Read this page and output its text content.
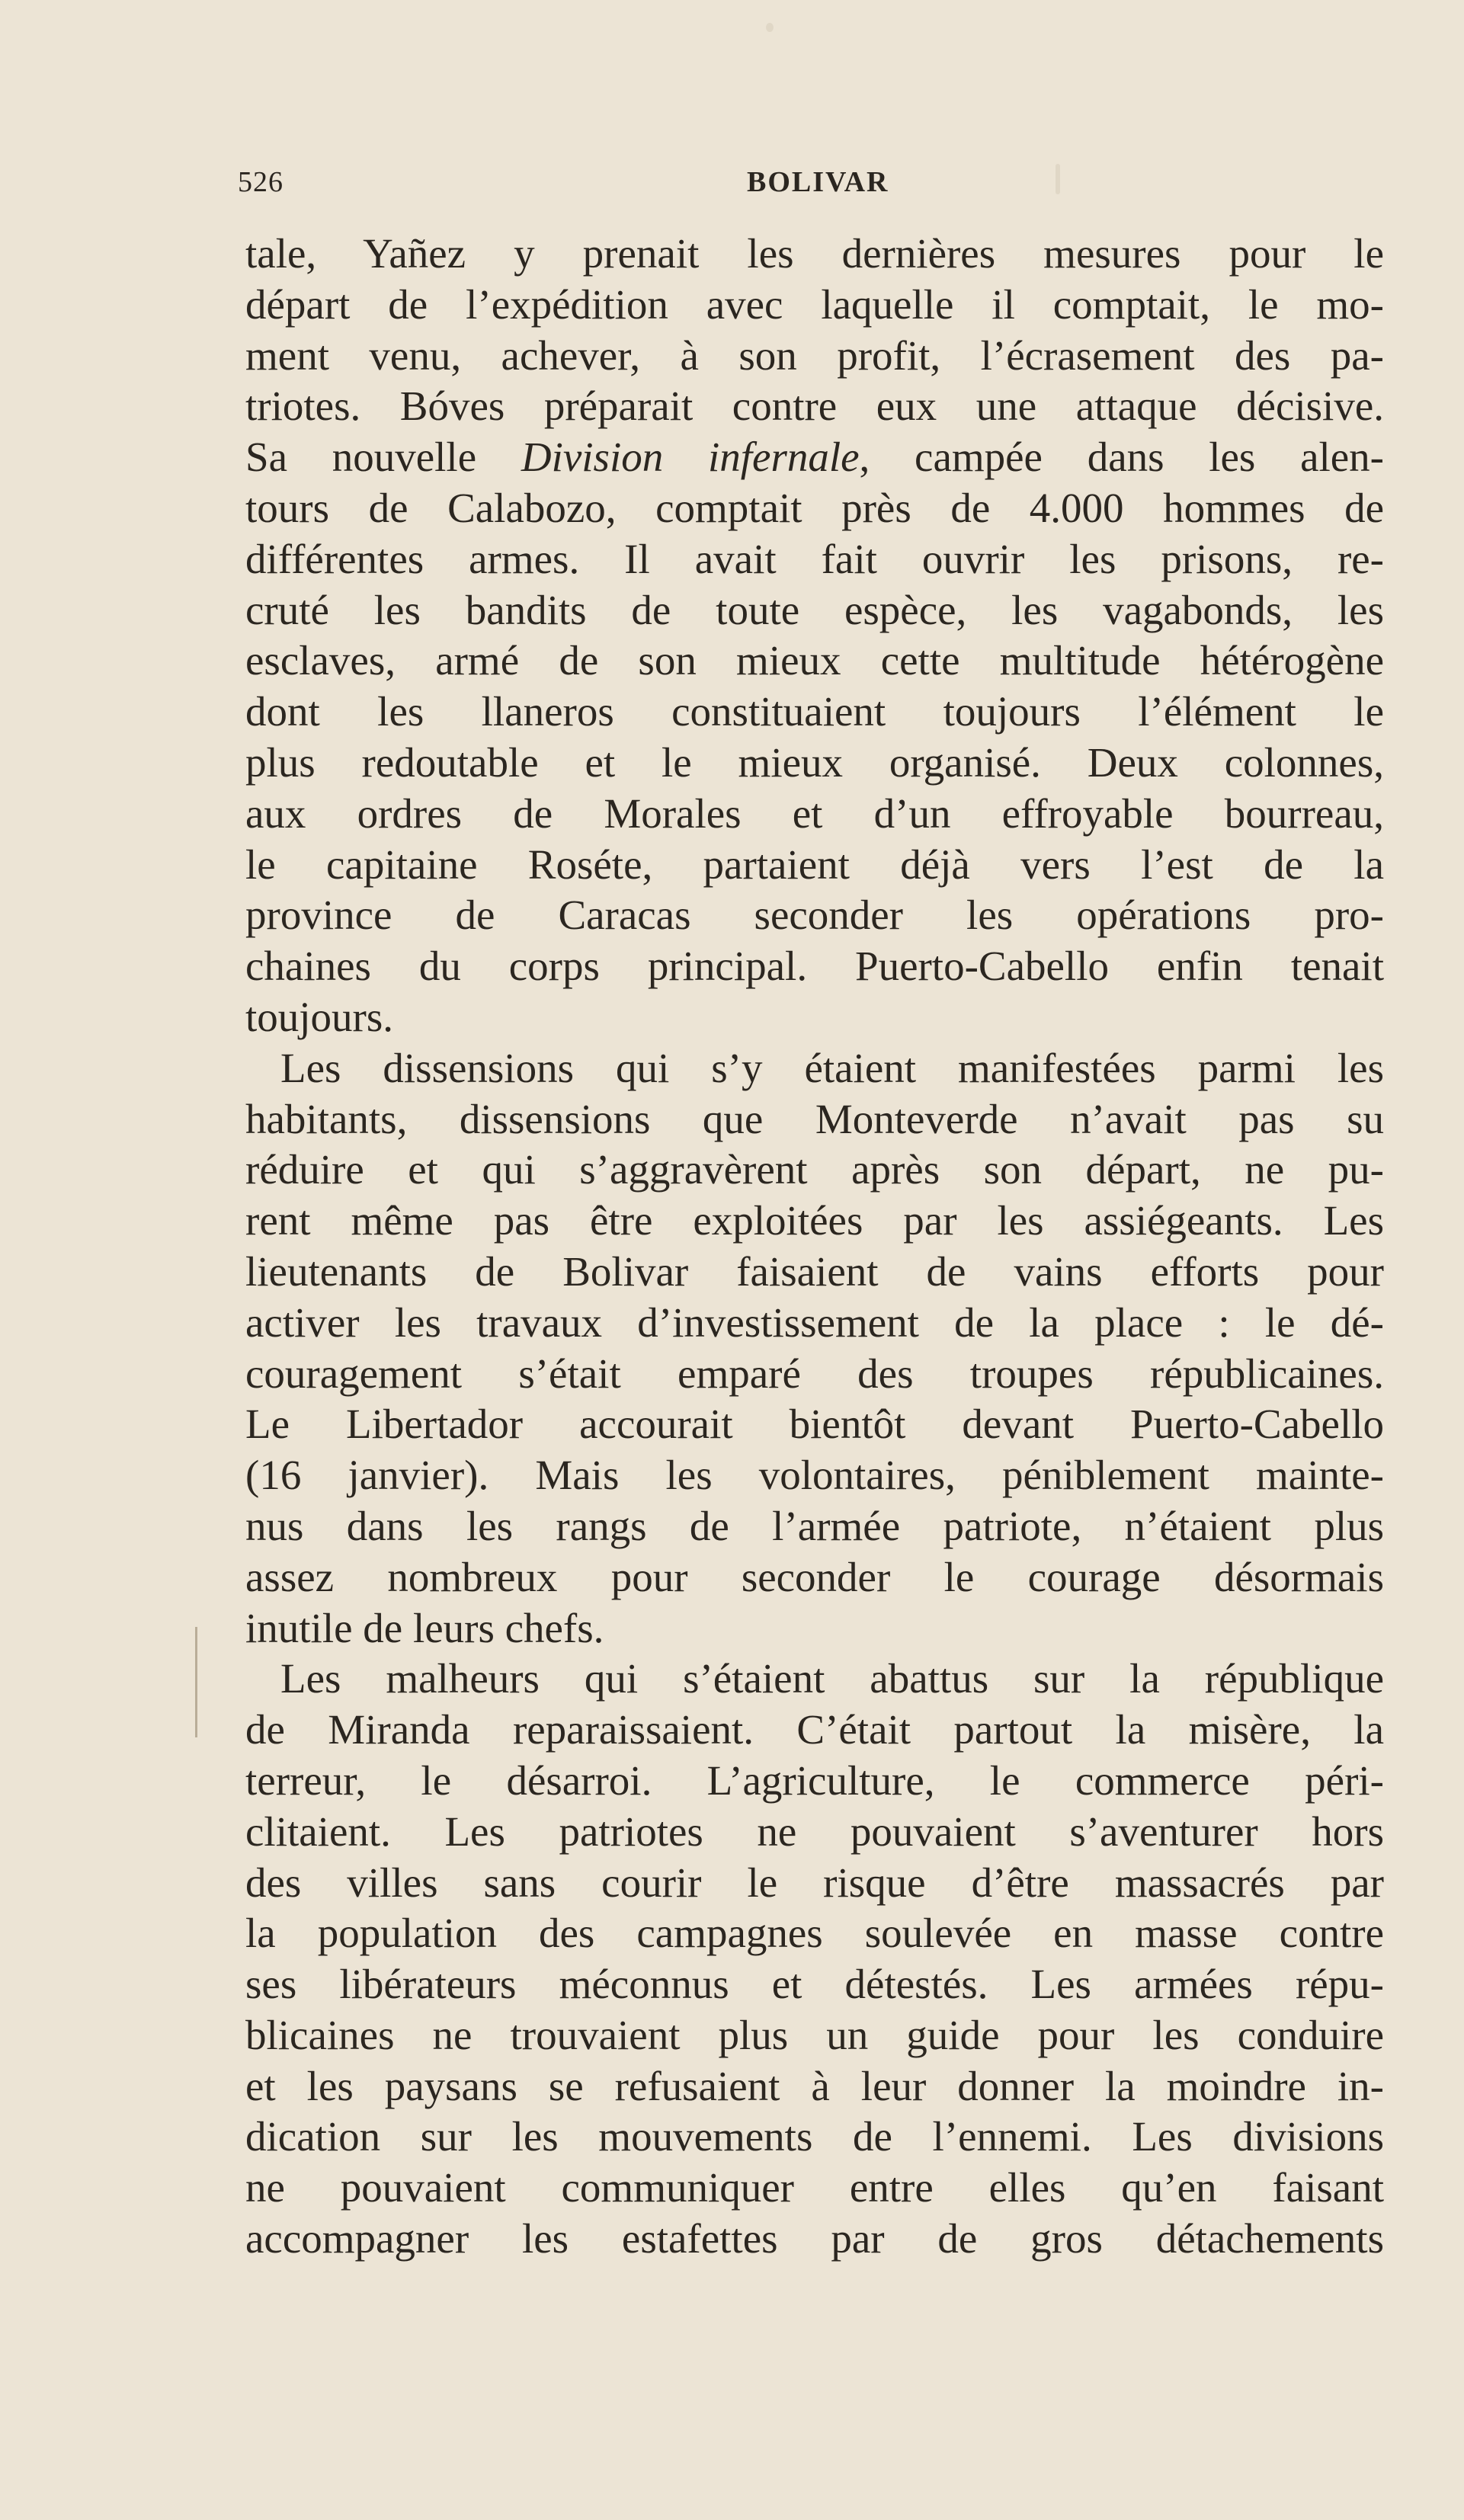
526	BOLIVAR
tale, Yañez y prenait les dernières mesures pour le
départ de l’expédition avec laquelle il comptait, le mo-
ment venu, achever, à son profit, l’écrasement des pa-
triotes. Bóves préparait contre eux une attaque décisive.
Sa nouvelle Division infernale, campée dans les alen-
tours de Calabozo, comptait près de 4.000 hommes de
différentes armes. Il avait fait ouvrir les prisons, re-
cruté les bandits de toute espèce, les vagabonds, les
esclaves, armé de son mieux cette multitude hétérogène
dont les llaneros constituaient toujours l’élément le
plus redoutable et le mieux organisé. Deux colonnes,
aux ordres de Morales et d’un effroyable bourreau,
le capitaine Roséte, partaient déjà vers l’est de la
province de Caracas seconder les opérations pro-
chaines du corps principal. Puerto-Cabello enfin tenait
toujours.
Les dissensions qui s’y étaient manifestées parmi les
habitants, dissensions que Monteverde n’avait pas su
réduire et qui s’aggravèrent après son départ, ne pu-
rent même pas être exploitées par les assiégeants. Les
lieutenants de Bolivar faisaient de vains efforts pour
activer les travaux d’investissement de la place : le dé-
couragement s’était emparé des troupes républicaines.
Le Libertador accourait bientôt devant Puerto-Cabello
(16 janvier). Mais les volontaires, péniblement mainte-
nus dans les rangs de l’armée patriote, n’étaient plus
assez nombreux pour seconder le courage désormais
inutile de leurs chefs.
Les malheurs qui s’étaient abattus sur la république
de Miranda reparaissaient. C’était partout la misère, la
terreur, le désarroi. L’agriculture, le commerce péri-
clitaient. Les patriotes ne pouvaient s’aventurer hors
des villes sans courir le risque d’être massacrés par
la population des campagnes soulevée en masse contre
ses libérateurs méconnus et détestés. Les armées répu-
blicaines ne trouvaient plus un guide pour les conduire
et les paysans se refusaient à leur donner la moindre in-
dication sur les mouvements de l’ennemi. Les divisions
ne pouvaient communiquer entre elles qu’en faisant
accompagner les estafettes par de gros détachements
